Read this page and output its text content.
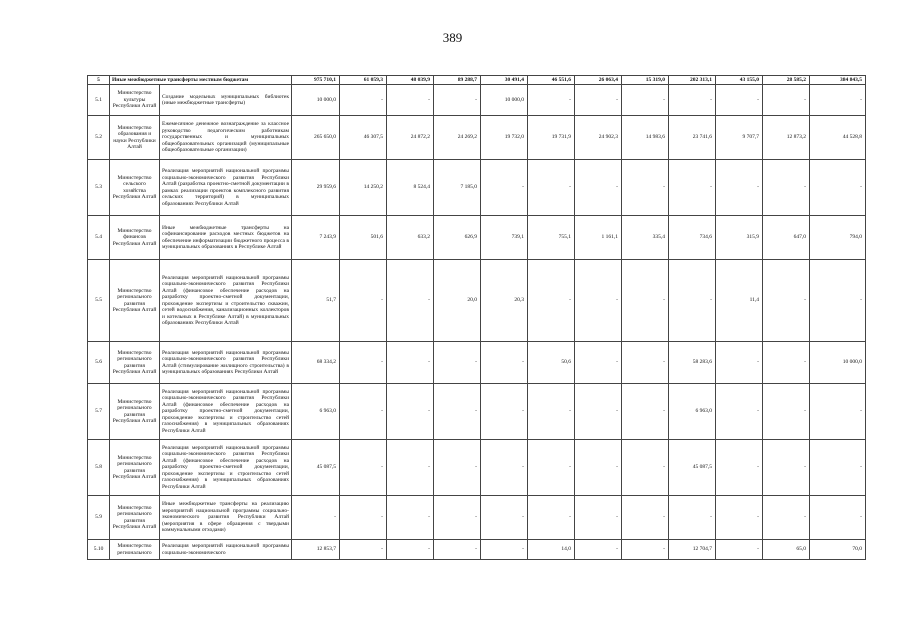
389
5	Иные межбюджетные трансферты местным бюджетам		975 710,1	61 059,3	48 039,9	89 288,7	30 491,4	46 551,6	26 063,4	15 319,0	202 313,1	43 155,0	28 585,2	384 843,5
5.1	Министерство культуры Республики Алтай	Создание модельных муниципальных библиотек (иные межбюджетные трансферты)	10 000,0	-	-	-	10 000,0	-	-	-	-	-	-	-
5.2	Министерство образования и науки Республики Алтай	Ежемесячное денежное вознаграждение за классное руководство педагогическим работникам государственных и муниципальных общеобразовательных организаций (муниципальные общеобразовательные организации)	265 650,0	46 307,5	24 872,2	24 269,2	19 732,0	19 731,9	24 902,3	14 983,6	23 741,6	9 707,7	12 873,2	44 528,8
5.3	Министерство сельского хозяйства Республики Алтай	Реализация мероприятий национальной программы социально-экономического развития Республики Алтай (разработка проектно-сметной документации в рамках реализации проектов комплексного развития сельских территорий) в муниципальных образованиях Республики Алтай	29 959,6	14 250,2	8 524,4	7 185,0	-	-	-	-	-	-	-	-
5.4	Министерство финансов Республики Алтай	Иные межбюджетные трансферты на софинансирование расходов местных бюджетов на обеспечение информатизации бюджетного процесса в муниципальных образованиях в Республике Алтай	7 243,9	501,6	633,2	626,9	739,1	755,1	1 161,1	335,4	734,6	315,9	647,0	794,0
5.5	Министерство регионального развития Республики Алтай	Реализация мероприятий национальной программы социально-экономического развития Республики Алтай (финансовое обеспечение расходов на разработку проектно-сметной документации, прохождение экспертизы и строительство скважин, сетей водоснабжения, канализационных коллекторов и котельных в Республике Алтай) в муниципальных образованиях Республики Алтай	51,7	-	-	20,0	20,3	-	-	-	-	11,4	-	-
5.6	Министерство регионального развития Республики Алтай	Реализация мероприятий национальной программы социально-экономического развития Республики Алтай (стимулирование жилищного строительства) в муниципальных образованиях Республики Алтай	68 334,2	-	-	-	-	50,6	-	-	58 283,6	-	-	10 000,0
5.7	Министерство регионального развития Республики Алтай	Реализация мероприятий национальной программы социально-экономического развития Республики Алтай (финансовое обеспечение расходов на разработку проектно-сметной документации, прохождение экспертизы и строительство сетей газоснабжения) в муниципальных образованиях Республики Алтай	6 963,0	-	-	-	-	-	-	-	6 963,0	-	-	-
5.8	Министерство регионального развития Республики Алтай	Реализация мероприятий национальной программы социально-экономического развития Республики Алтай (финансовое обеспечение расходов на разработку проектно-сметной документации, прохождение экспертизы и строительство сетей газоснабжения) в муниципальных образованиях Республики Алтай	45 087,5	-	-	-	-	-	-	-	45 087,5	-	-	-
5.9	Министерство регионального развития Республики Алтай	Иные межбюджетные трансферты на реализацию мероприятий национальной программы социально-экономического развития Республики Алтай (мероприятия в сфере обращения с твердыми коммунальными отходами)	-	-	-	-	-	-	-	-	-	-	-	-
5.10	Министерство регионального	Реализация мероприятий национальной программы социально-экономического	12 853,7	-	-	-	-	14,0	-	-	12 704,7	-	65,0	70,0
